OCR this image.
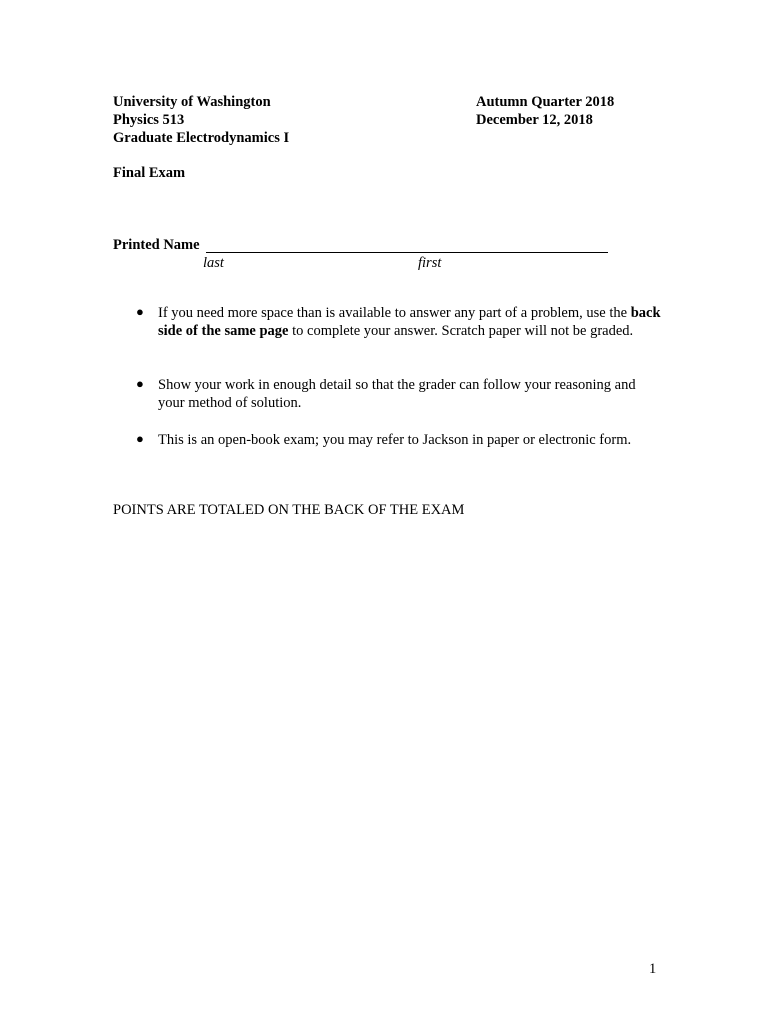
University of Washington
Physics 513
Graduate Electrodynamics I
Autumn Quarter 2018
December 12, 2018
Final Exam
Printed Name
last	first
● If you need more space than is available to answer any part of a problem, use the back side of the same page to complete your answer. Scratch paper will not be graded.
● Show your work in enough detail so that the grader can follow your reasoning and your method of solution.
● This is an open-book exam; you may refer to Jackson in paper or electronic form.
POINTS ARE TOTALED ON THE BACK OF THE EXAM
1
